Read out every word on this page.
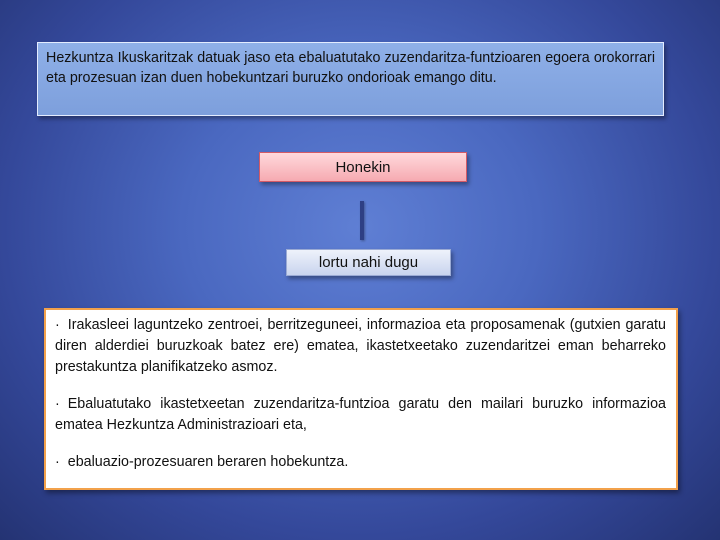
Hezkuntza Ikuskaritzak datuak jaso eta ebaluatutako zuzendaritza-funtzioaren egoera orokorrari eta prozesuan izan duen hobekuntzari buruzko ondorioak emango ditu.
Honekin
lortu nahi dugu

· Irakasleei laguntzeko zentroei, berritzeguneei, informazioa eta proposamenak (gutxien garatu diren alderdiei buruzkoak batez ere) ematea, ikastetxeetako zuzendaritzei eman beharreko prestakuntza planifikatzeko asmoz.

· Ebaluatutako ikastetxeetan zuzendaritza-funtzioa garatu den mailari buruzko informazioa ematea Hezkuntza Administrazioari eta,

· ebaluazio-prozesuaren beraren hobekuntza.
